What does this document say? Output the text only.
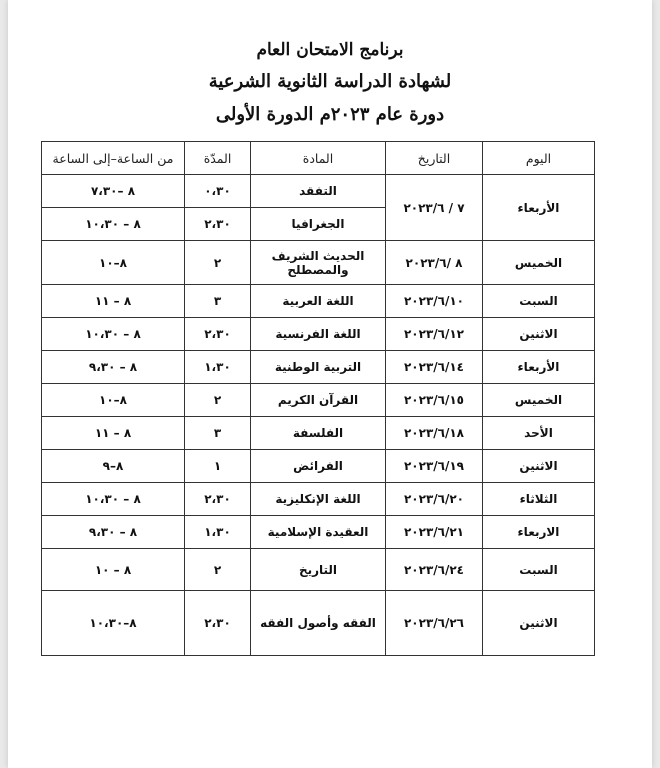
برنامج الامتحان العام
لشهادة الدراسة الثانوية الشرعية
دورة عام ٢٠٢٣م الدورة الأولى
اليوم	التاريخ	المادة	المدّة	من الساعة–إلى الساعة
الأربعاء	٧ / ٢٠٢٣/٦	التفقد	٠،٣٠	٨ –٧،٣٠
		الجغرافيا	٢،٣٠	٨ – ١٠،٣٠
الخميس	٨ /٢٠٢٣/٦	الحديث الشريف والمصطلح	٢	٨–١٠
السبت	٢٠٢٣/٦/١٠	اللغة العربية	٣	٨ – ١١
الاثنين	٢٠٢٣/٦/١٢	اللغة الفرنسية	٢،٣٠	٨ – ١٠،٣٠
الأربعاء	٢٠٢٣/٦/١٤	التربية الوطنية	١،٣٠	٨ – ٩،٣٠
الخميس	٢٠٢٣/٦/١٥	القرآن الكريم	٢	٨–١٠
الأحد	٢٠٢٣/٦/١٨	الفلسفة	٣	٨ – ١١
الاثنين	٢٠٢٣/٦/١٩	الفرائض	١	٨–٩
الثلاثاء	٢٠٢٣/٦/٢٠	اللغة الإنكليزية	٢،٣٠	٨ – ١٠،٣٠
الاربعاء	٢٠٢٣/٦/٢١	العقيدة الإسلامية	١،٣٠	٨ – ٩،٣٠
السبت	٢٠٢٣/٦/٢٤	التاريخ	٢	٨ – ١٠
الاثنين	٢٠٢٣/٦/٢٦	الفقه وأصول الفقه	٢،٣٠	٨–١٠،٣٠
